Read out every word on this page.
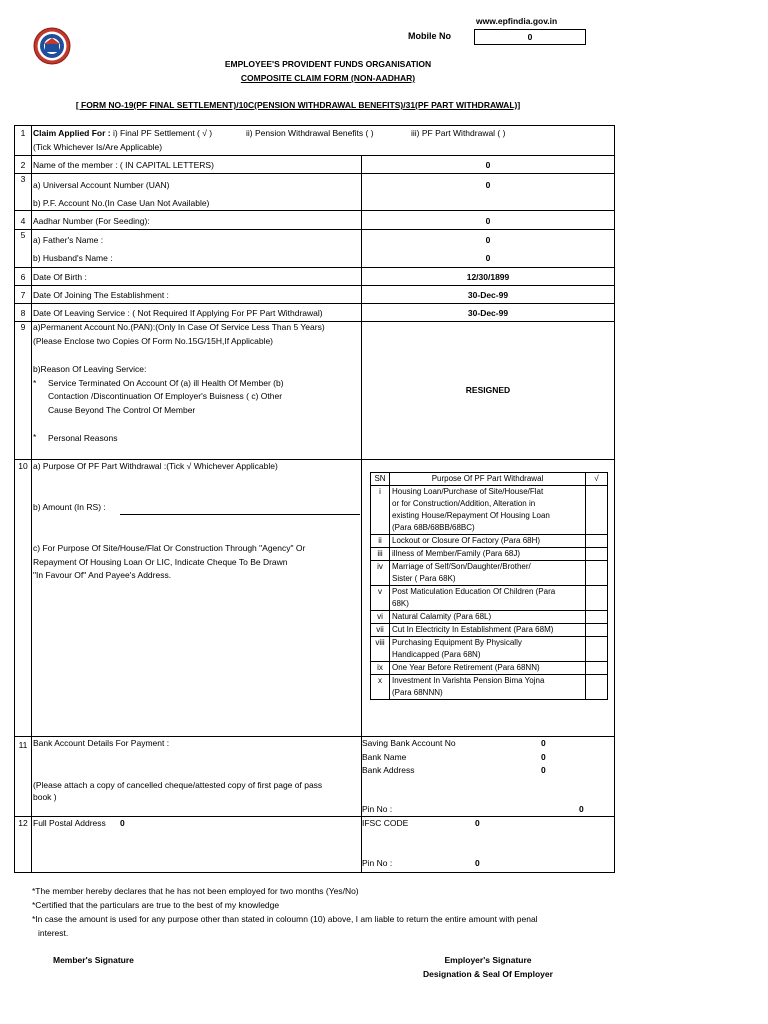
www.epfindia.gov.in
Mobile No	0
EMPLOYEE'S PROVIDENT FUNDS ORGANISATION
COMPOSITE CLAIM FORM (NON-AADHAR)
[ FORM NO-19(PF FINAL SETTLEMENT)/10C(PENSION WITHDRAWAL BENEFITS)/31(PF PART WITHDRAWAL)]
1 Claim Applied For : i) Final PF Settlement ( √ )	ii) Pension Withdrawal Benefits ( )	iii) PF Part Withdrawal ( )
(Tick Whichever Is/Are Applicable)
2 Name of the member : ( IN CAPITAL LETTERS)	0
3
a) Universal Account Number (UAN)	0
b) P.F. Account No.(In Case Uan Not Available)
4 Aadhar Number (For Seeding):	0
5 a) Father's Name :	0
b) Husband's Name :	0
6 Date Of Birth :	12/30/1899
7 Date Of Joining The Establishment :	30-Dec-99
8 Date Of Leaving Service : ( Not Required If Applying For PF Part Withdrawal)	30-Dec-99
9 a)Permanent Account No.(PAN):(Only In Case Of Service Less Than 5 Years)
(Please Enclose two Copies Of Form No.15G/15H,If Applicable)
b)Reason Of Leaving Service:
* Service Terminated On Account Of (a) ill Health Of Member (b)
Contaction /Discontinuation Of Employer's Buisness ( c) Other
Cause Beyond The Control Of Member
* Personal Reasons
RESIGNED
10 a) Purpose Of PF Part Withdrawal :(Tick √ Whichever Applicable)
b) Amount (In RS) :
c) For Purpose Of Site/House/Flat Or Construction Through "Agency" Or
Repayment Of Housing Loan Or LIC, Indicate Cheque To Be Drawn
"In Favour Of" And Payee's Address.
SN	Purpose Of PF Part Withdrawal	√
i	Housing Loan/Purchase of Site/House/Flat
or for Construction/Addition, Alteration in
existing House/Repayment Of Housing Loan
(Para 68B/68BB/68BC)	

ii	Lockout or Closure Of Factory (Para 68H)	

iii	illness of Member/Family (Para 68J)	

iv	Marriage of Self/Son/Daughter/Brother/
Sister ( Para 68K)	

v	Post Maticulation Education Of Children (Para
68K)	

vi	Natural Calamity (Para 68L)	

vii	Cut In Electricity In Establishment (Para 68M)	

viii	Purchasing Equipment By Physically
Handicapped (Para 68N)	

ix	One Year Before Retirement (Para 68NN)	

x	Investment In Varishta Pension Bima Yojna
(Para 68NNN)	

11 Bank Account Details For Payment :
(Please attach a copy of cancelled cheque/attested copy of first page of pass
book )
Saving Bank Account No	0
Bank Name	0
Bank Address	0
Pin No :	0
12 Full Postal Address 0	IFSC CODE	0
Pin No :	0
*The member hereby declares that he has not been employed for two months (Yes/No)
*Certified that the particulars are true to the best of my knowledge
*In case the amount is used for any purpose other than stated in coloumn (10) above, I am liable to return the entire amount with penal
interest.
Member's Signature	Employer's Signature
Designation & Seal Of Employer
